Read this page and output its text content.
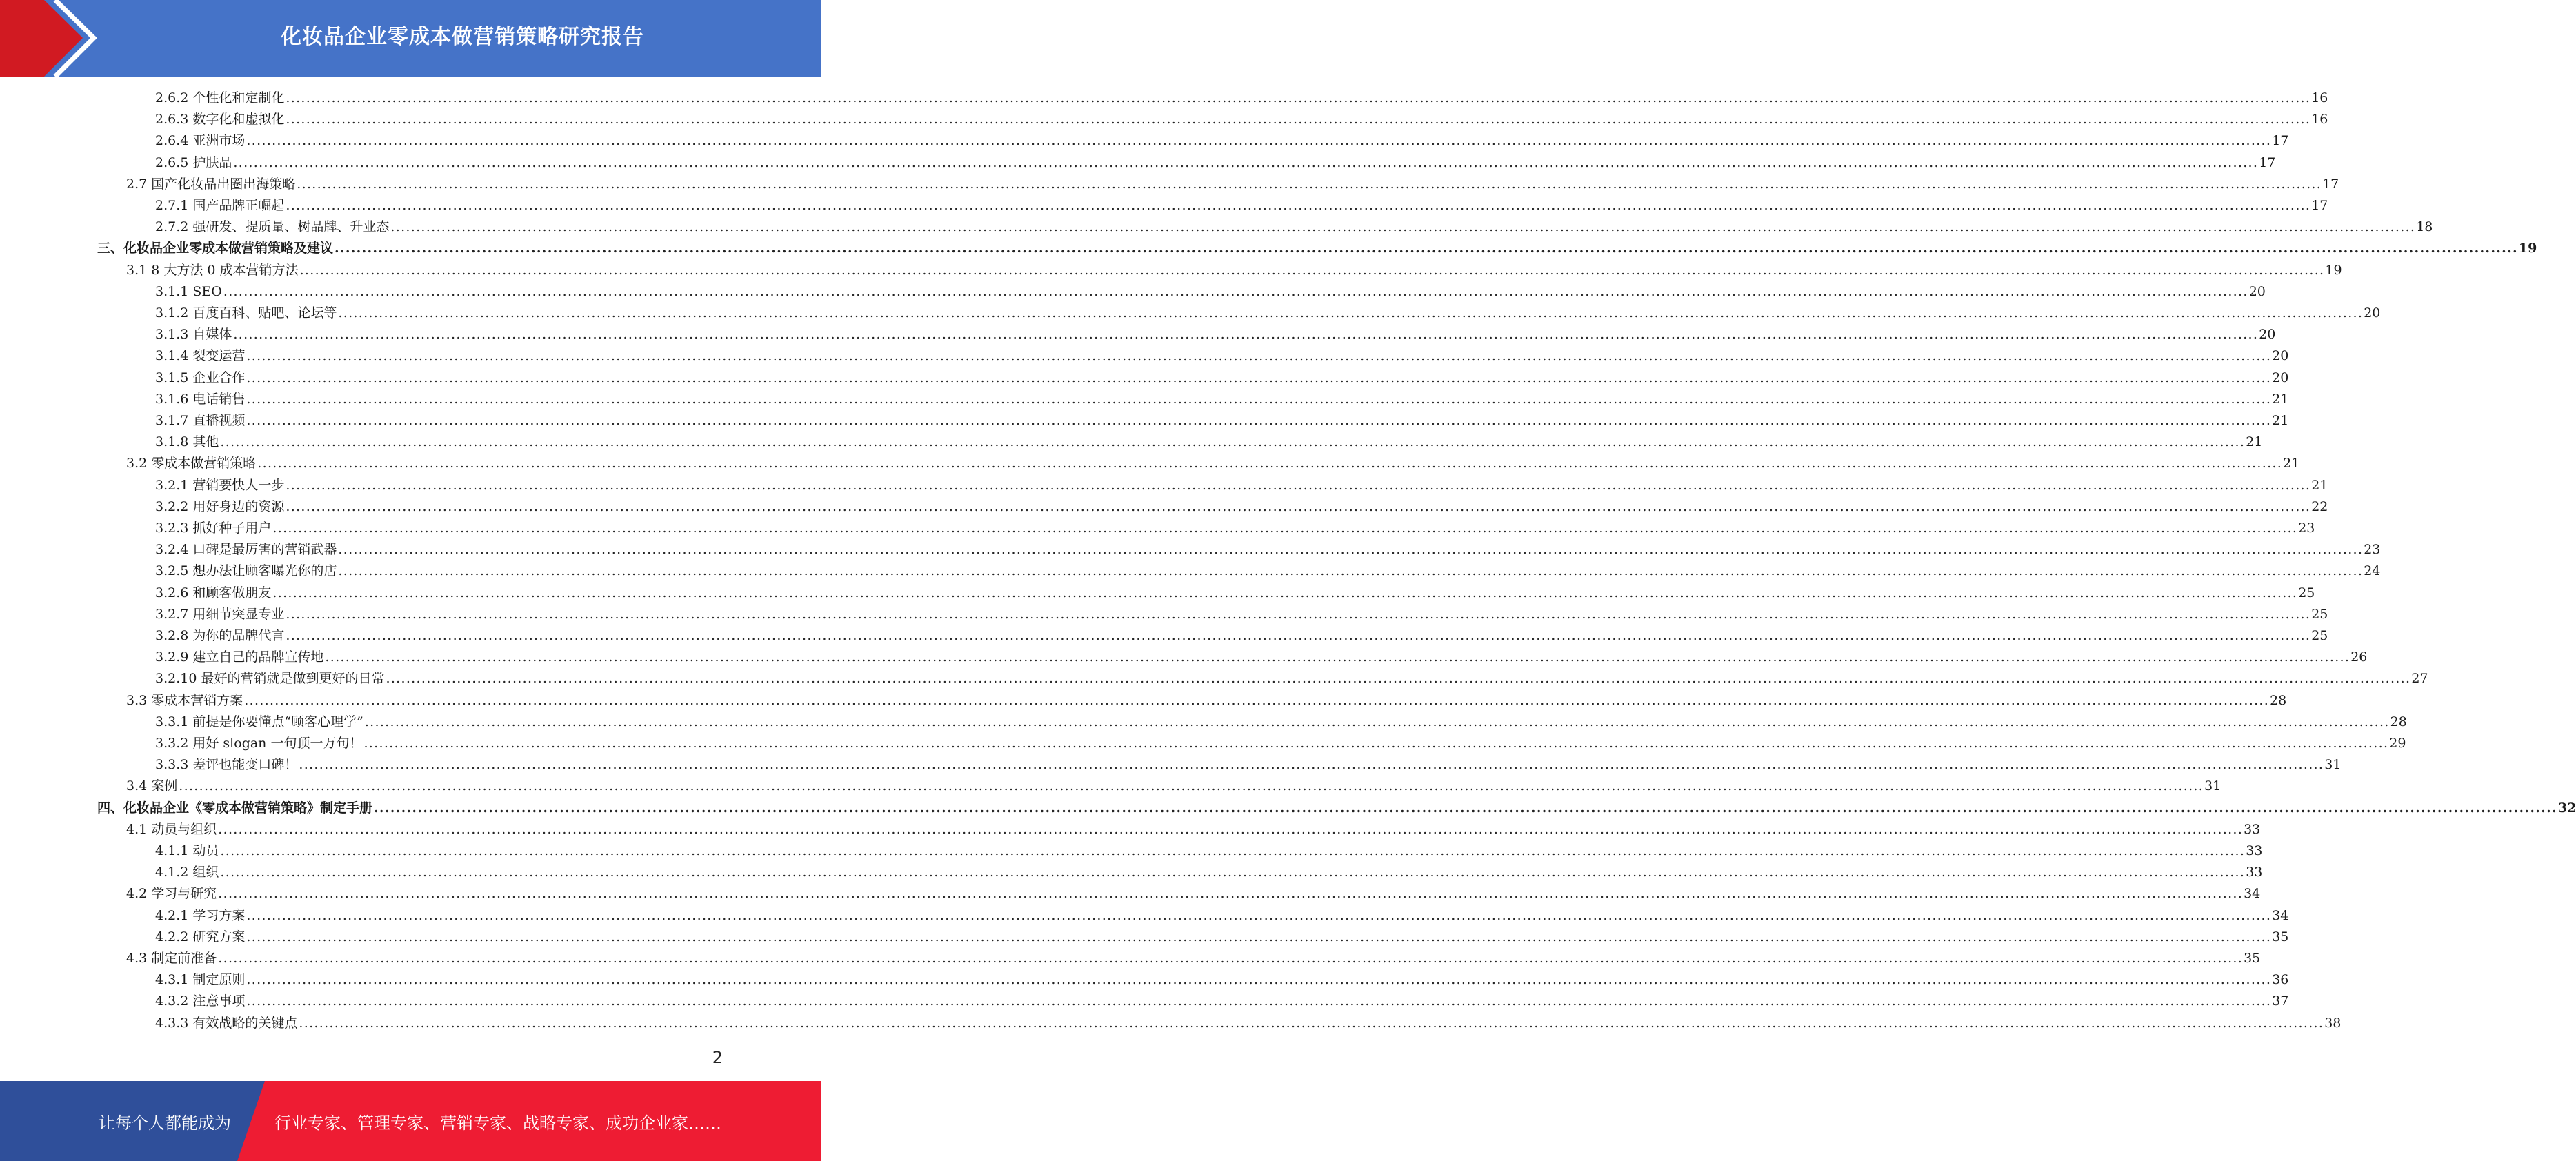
化妆品企业零成本做营销策略研究报告
2.6.2 个性化和定制化 ................................................................................................................................................................................................................................................................................................................................................................................................................ 16
2.6.3 数字化和虚拟化 ................................................................................................................................................................................................................................................................................................................................................................................................................ 16
2.6.4 亚洲市场 ................................................................................................................................................................................................................................................................................................................................................................................................................ 17
2.6.5 护肤品 ................................................................................................................................................................................................................................................................................................................................................................................................................ 17
2.7 国产化妆品出圈出海策略 ................................................................................................................................................................................................................................................................................................................................................................................................................ 17
2.7.1 国产品牌正崛起 ................................................................................................................................................................................................................................................................................................................................................................................................................ 17
2.7.2 强研发、提质量、树品牌、升业态 ................................................................................................................................................................................................................................................................................................................................................................................................................ 18
三、化妆品企业零成本做营销策略及建议 ................................................................................................................................................................................................................................................................................................................................................................................................................ 19
3.1 8 大方法 0 成本营销方法 ................................................................................................................................................................................................................................................................................................................................................................................................................ 19
3.1.1 SEO ................................................................................................................................................................................................................................................................................................................................................................................................................ 20
3.1.2 百度百科、贴吧、论坛等 ................................................................................................................................................................................................................................................................................................................................................................................................................ 20
3.1.3 自媒体 ................................................................................................................................................................................................................................................................................................................................................................................................................ 20
3.1.4 裂变运营 ................................................................................................................................................................................................................................................................................................................................................................................................................ 20
3.1.5 企业合作 ................................................................................................................................................................................................................................................................................................................................................................................................................ 20
3.1.6 电话销售 ................................................................................................................................................................................................................................................................................................................................................................................................................ 21
3.1.7 直播视频 ................................................................................................................................................................................................................................................................................................................................................................................................................ 21
3.1.8 其他 ................................................................................................................................................................................................................................................................................................................................................................................................................ 21
3.2 零成本做营销策略 ................................................................................................................................................................................................................................................................................................................................................................................................................ 21
3.2.1 营销要快人一步 ................................................................................................................................................................................................................................................................................................................................................................................................................ 21
3.2.2 用好身边的资源 ................................................................................................................................................................................................................................................................................................................................................................................................................ 22
3.2.3 抓好种子用户 ................................................................................................................................................................................................................................................................................................................................................................................................................ 23
3.2.4 口碑是最厉害的营销武器 ................................................................................................................................................................................................................................................................................................................................................................................................................ 23
3.2.5 想办法让顾客曝光你的店 ................................................................................................................................................................................................................................................................................................................................................................................................................ 24
3.2.6 和顾客做朋友 ................................................................................................................................................................................................................................................................................................................................................................................................................ 25
3.2.7 用细节突显专业 ................................................................................................................................................................................................................................................................................................................................................................................................................ 25
3.2.8 为你的品牌代言 ................................................................................................................................................................................................................................................................................................................................................................................................................ 25
3.2.9 建立自己的品牌宣传地 ................................................................................................................................................................................................................................................................................................................................................................................................................ 26
3.2.10 最好的营销就是做到更好的日常 ................................................................................................................................................................................................................................................................................................................................................................................................................ 27
3.3 零成本营销方案 ................................................................................................................................................................................................................................................................................................................................................................................................................ 28
3.3.1 前提是你要懂点“顾客心理学” ................................................................................................................................................................................................................................................................................................................................................................................................................ 28
3.3.2 用好 slogan 一句顶一万句！ ................................................................................................................................................................................................................................................................................................................................................................................................................ 29
3.3.3 差评也能变口碑！ ................................................................................................................................................................................................................................................................................................................................................................................................................ 31
3.4 案例 ................................................................................................................................................................................................................................................................................................................................................................................................................ 31
四、化妆品企业《零成本做营销策略》制定手册 ................................................................................................................................................................................................................................................................................................................................................................................................................ 32
4.1 动员与组织 ................................................................................................................................................................................................................................................................................................................................................................................................................ 33
4.1.1 动员 ................................................................................................................................................................................................................................................................................................................................................................................................................ 33
4.1.2 组织 ................................................................................................................................................................................................................................................................................................................................................................................................................ 33
4.2 学习与研究 ................................................................................................................................................................................................................................................................................................................................................................................................................ 34
4.2.1 学习方案 ................................................................................................................................................................................................................................................................................................................................................................................................................ 34
4.2.2 研究方案 ................................................................................................................................................................................................................................................................................................................................................................................................................ 35
4.3 制定前准备 ................................................................................................................................................................................................................................................................................................................................................................................................................ 35
4.3.1 制定原则 ................................................................................................................................................................................................................................................................................................................................................................................................................ 36
4.3.2 注意事项 ................................................................................................................................................................................................................................................................................................................................................................................................................ 37
4.3.3 有效战略的关键点 ................................................................................................................................................................................................................................................................................................................................................................................................................ 38
2
让每个人都能成为	行业专家、管理专家、营销专家、战略专家、成功企业家……
